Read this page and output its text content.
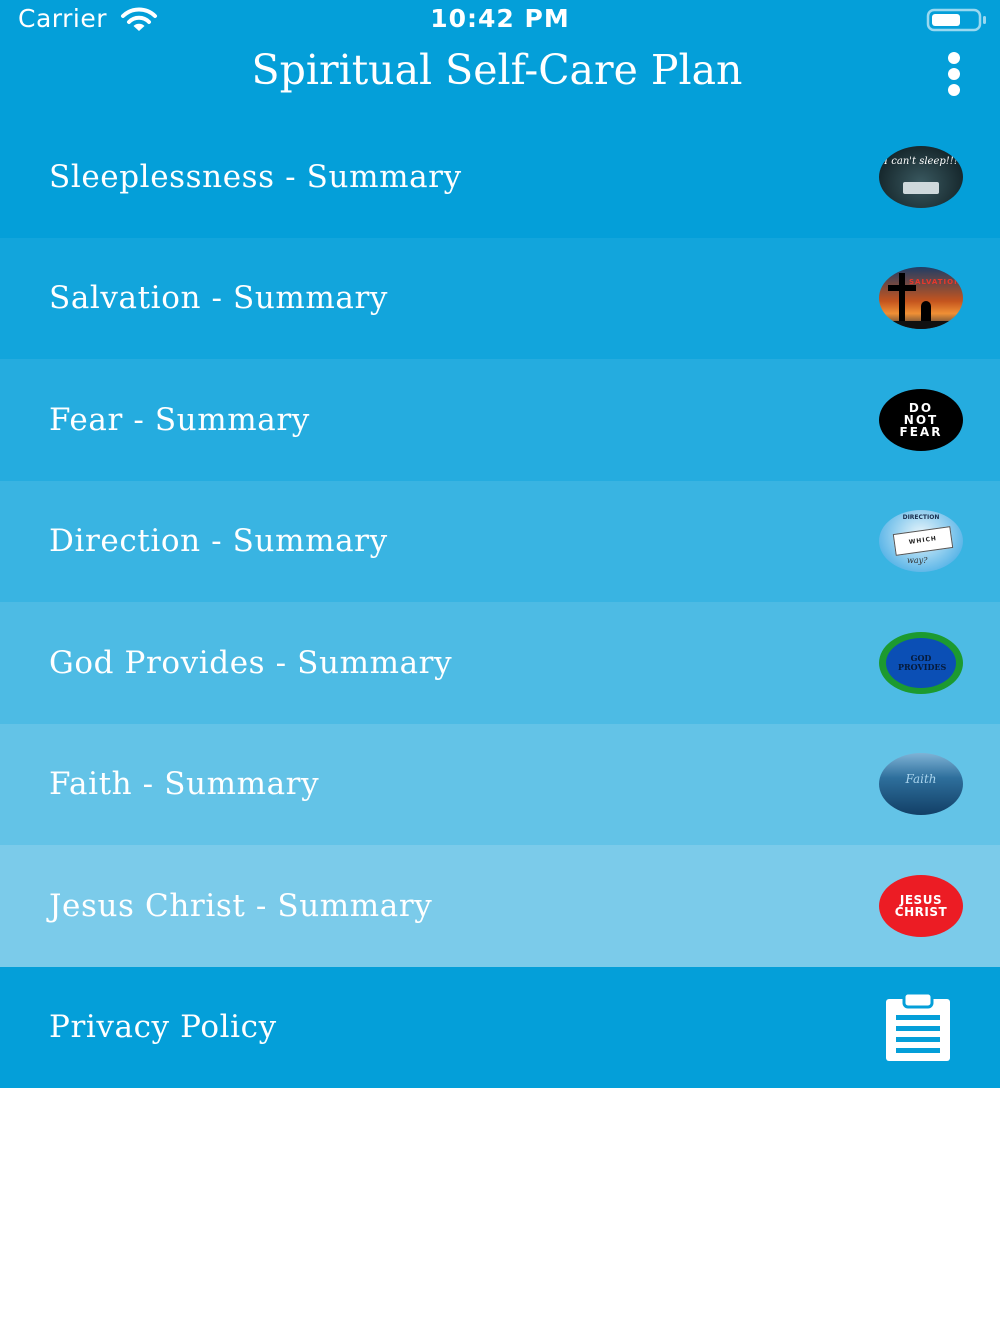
Carrier	10:42 PM
Spiritual Self-Care Plan
Sleeplessness - Summary	I can't sleep!!!
Salvation - Summary	SALVATION
Fear - Summary	DO NOT FEAR
Direction - Summary
DIRECTION
WHICH
way?
God Provides - Summary	GOD PROVIDES
Faith - Summary	Faith
Jesus Christ - Summary	JESUS CHRIST
Privacy Policy
